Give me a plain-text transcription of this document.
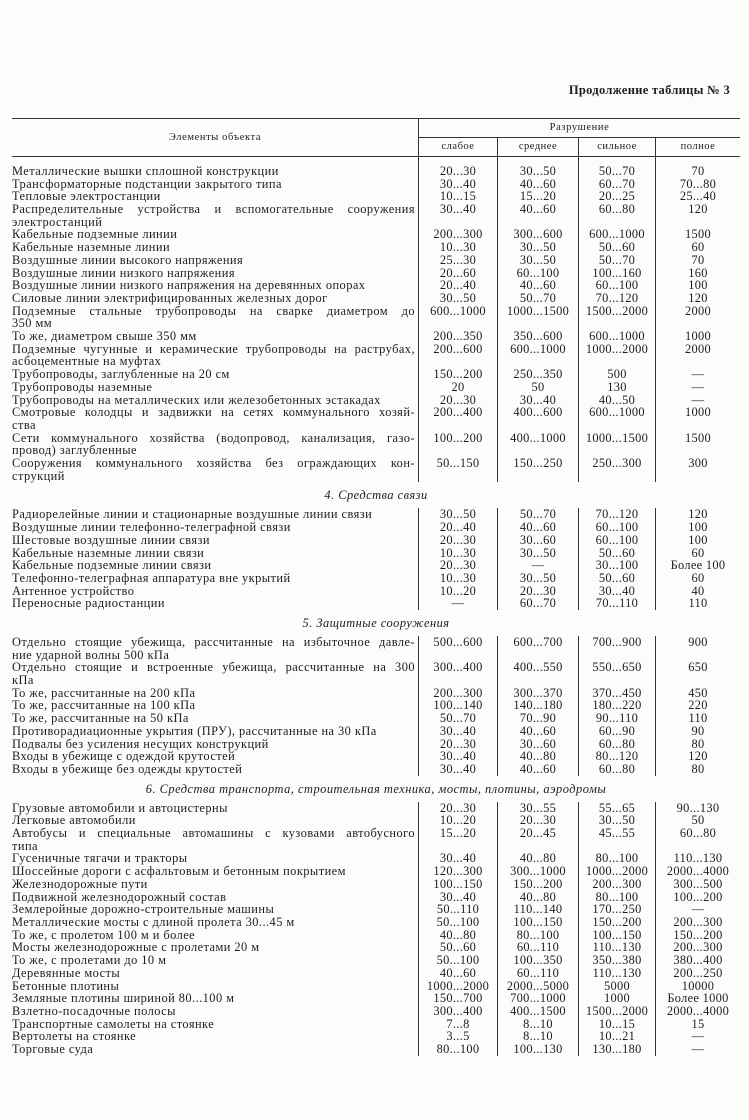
Продолжение таблицы № 3
Элементы объекта
Разрушение
слабое	среднее	сильное	полное
Металлические вышки сплошной конструкции	20...30	30...50	50...70	70
Трансформаторные подстанции закрытого типа	30...40	40...60	60...70	70...80
Тепловые электростанции	10...15	15...20	20...25	25...40
Распределительные устройства и вспомогательные сооружения
электростанций
30...40	40...60	60...80	120
Кабельные подземные линии	200...300	300...600	600...1000	1500
Кабельные наземные линии	10...30	30...50	50...60	60
Воздушные линии высокого напряжения	25...30	30...50	50...70	70
Воздушные линии низкого напряжения	20...60	60...100	100...160	160
Воздушные линии низкого напряжения на деревянных опорах	20...40	40...60	60...100	100
Силовые линии электрифицированных железных дорог	30...50	50...70	70...120	120
Подземные стальные трубопроводы на сварке диаметром до
350 мм
600...1000	1000...1500	1500...2000	2000
То же, диаметром свыше 350 мм	200...350	350...600	600...1000	1000
Подземные чугунные и керамические трубопроводы на раструбах,
асбоцементные на муфтах
200...600	600...1000	1000...2000	2000
Трубопроводы, заглубленные на 20 см	150...200	250...350	500	—
Трубопроводы наземные	20	50	130	—
Трубопроводы на металлических или железобетонных эстакадах	20...30	30...40	40...50	—
Смотровые колодцы и задвижки на сетях коммунального хозяй-
ства
200...400	400...600	600...1000	1000
Сети коммунального хозяйства (водопровод, канализация, газо-
провод) заглубленные
100...200	400...1000	1000...1500	1500
Сооружения коммунального хозяйства без ограждающих кон-
струкций
50...150	150...250	250...300	300
4. Средства связи
Радиорелейные линии и стационарные воздушные линии связи	30...50	50...70	70...120	120
Воздушные линии телефонно-телеграфной связи	20...40	40...60	60...100	100
Шестовые воздушные линии связи	20...30	30...60	60...100	100
Кабельные наземные линии связи	10...30	30...50	50...60	60
Кабельные подземные линии связи	20...30	—	30...100	Более 100
Телефонно-телеграфная аппаратура вне укрытий	10...30	30...50	50...60	60
Антенное устройство	10...20	20...30	30...40	40
Переносные радиостанции	—	60...70	70...110	110
5. Защитные сооружения
Отдельно стоящие убежища, рассчитанные на избыточное давле-
ние ударной волны 500 кПа
500...600	600...700	700...900	900
Отдельно стоящие и встроенные убежища, рассчитанные на 300
кПа
300...400	400...550	550...650	650
То же, рассчитанные на 200 кПа	200...300	300...370	370...450	450
То же, рассчитанные на 100 кПа	100...140	140...180	180...220	220
То же, рассчитанные на 50 кПа	50...70	70...90	90...110	110
Противорадиационные укрытия (ПРУ), рассчитанные на 30 кПа	30...40	40...60	60...90	90
Подвалы без усиления несущих конструкций	20...30	30...60	60...80	80
Входы в убежище с одеждой крутостей	30...40	40...80	80...120	120
Входы в убежище без одежды крутостей	30...40	40...60	60...80	80
6. Средства транспорта, строительная техника, мосты, плотины, аэродромы
Грузовые автомобили и автоцистерны	20...30	30...55	55...65	90...130
Легковые автомобили	10...20	20...30	30...50	50
Автобусы и специальные автомашины с кузовами автобусного
типа
15...20	20...45	45...55	60...80
Гусеничные тягачи и тракторы	30...40	40...80	80...100	110...130
Шоссейные дороги с асфальтовым и бетонным покрытием	120...300	300...1000	1000...2000	2000...4000
Железнодорожные пути	100...150	150...200	200...300	300...500
Подвижной железнодорожный состав	30...40	40...80	80...100	100...200
Землеройные дорожно-строительные машины	50...110	110...140	170...250	—
Металлические мосты с длиной пролета 30...45 м	50...100	100...150	150...200	200...300
То же, с пролетом 100 м и более	40...80	80...100	100...150	150...200
Мосты железнодорожные с пролетами 20 м	50...60	60...110	110...130	200...300
То же, с пролетами до 10 м	50...100	100...350	350...380	380...400
Деревянные мосты	40...60	60...110	110...130	200...250
Бетонные плотины	1000...2000	2000...5000	5000	10000
Земляные плотины шириной 80...100 м	150...700	700...1000	1000	Более 1000
Взлетно-посадочные полосы	300...400	400...1500	1500...2000	2000...4000
Транспортные самолеты на стоянке	7...8	8...10	10...15	15
Вертолеты на стоянке	3...5	8...10	10...21	—
Торговые суда	80...100	100...130	130...180	—
